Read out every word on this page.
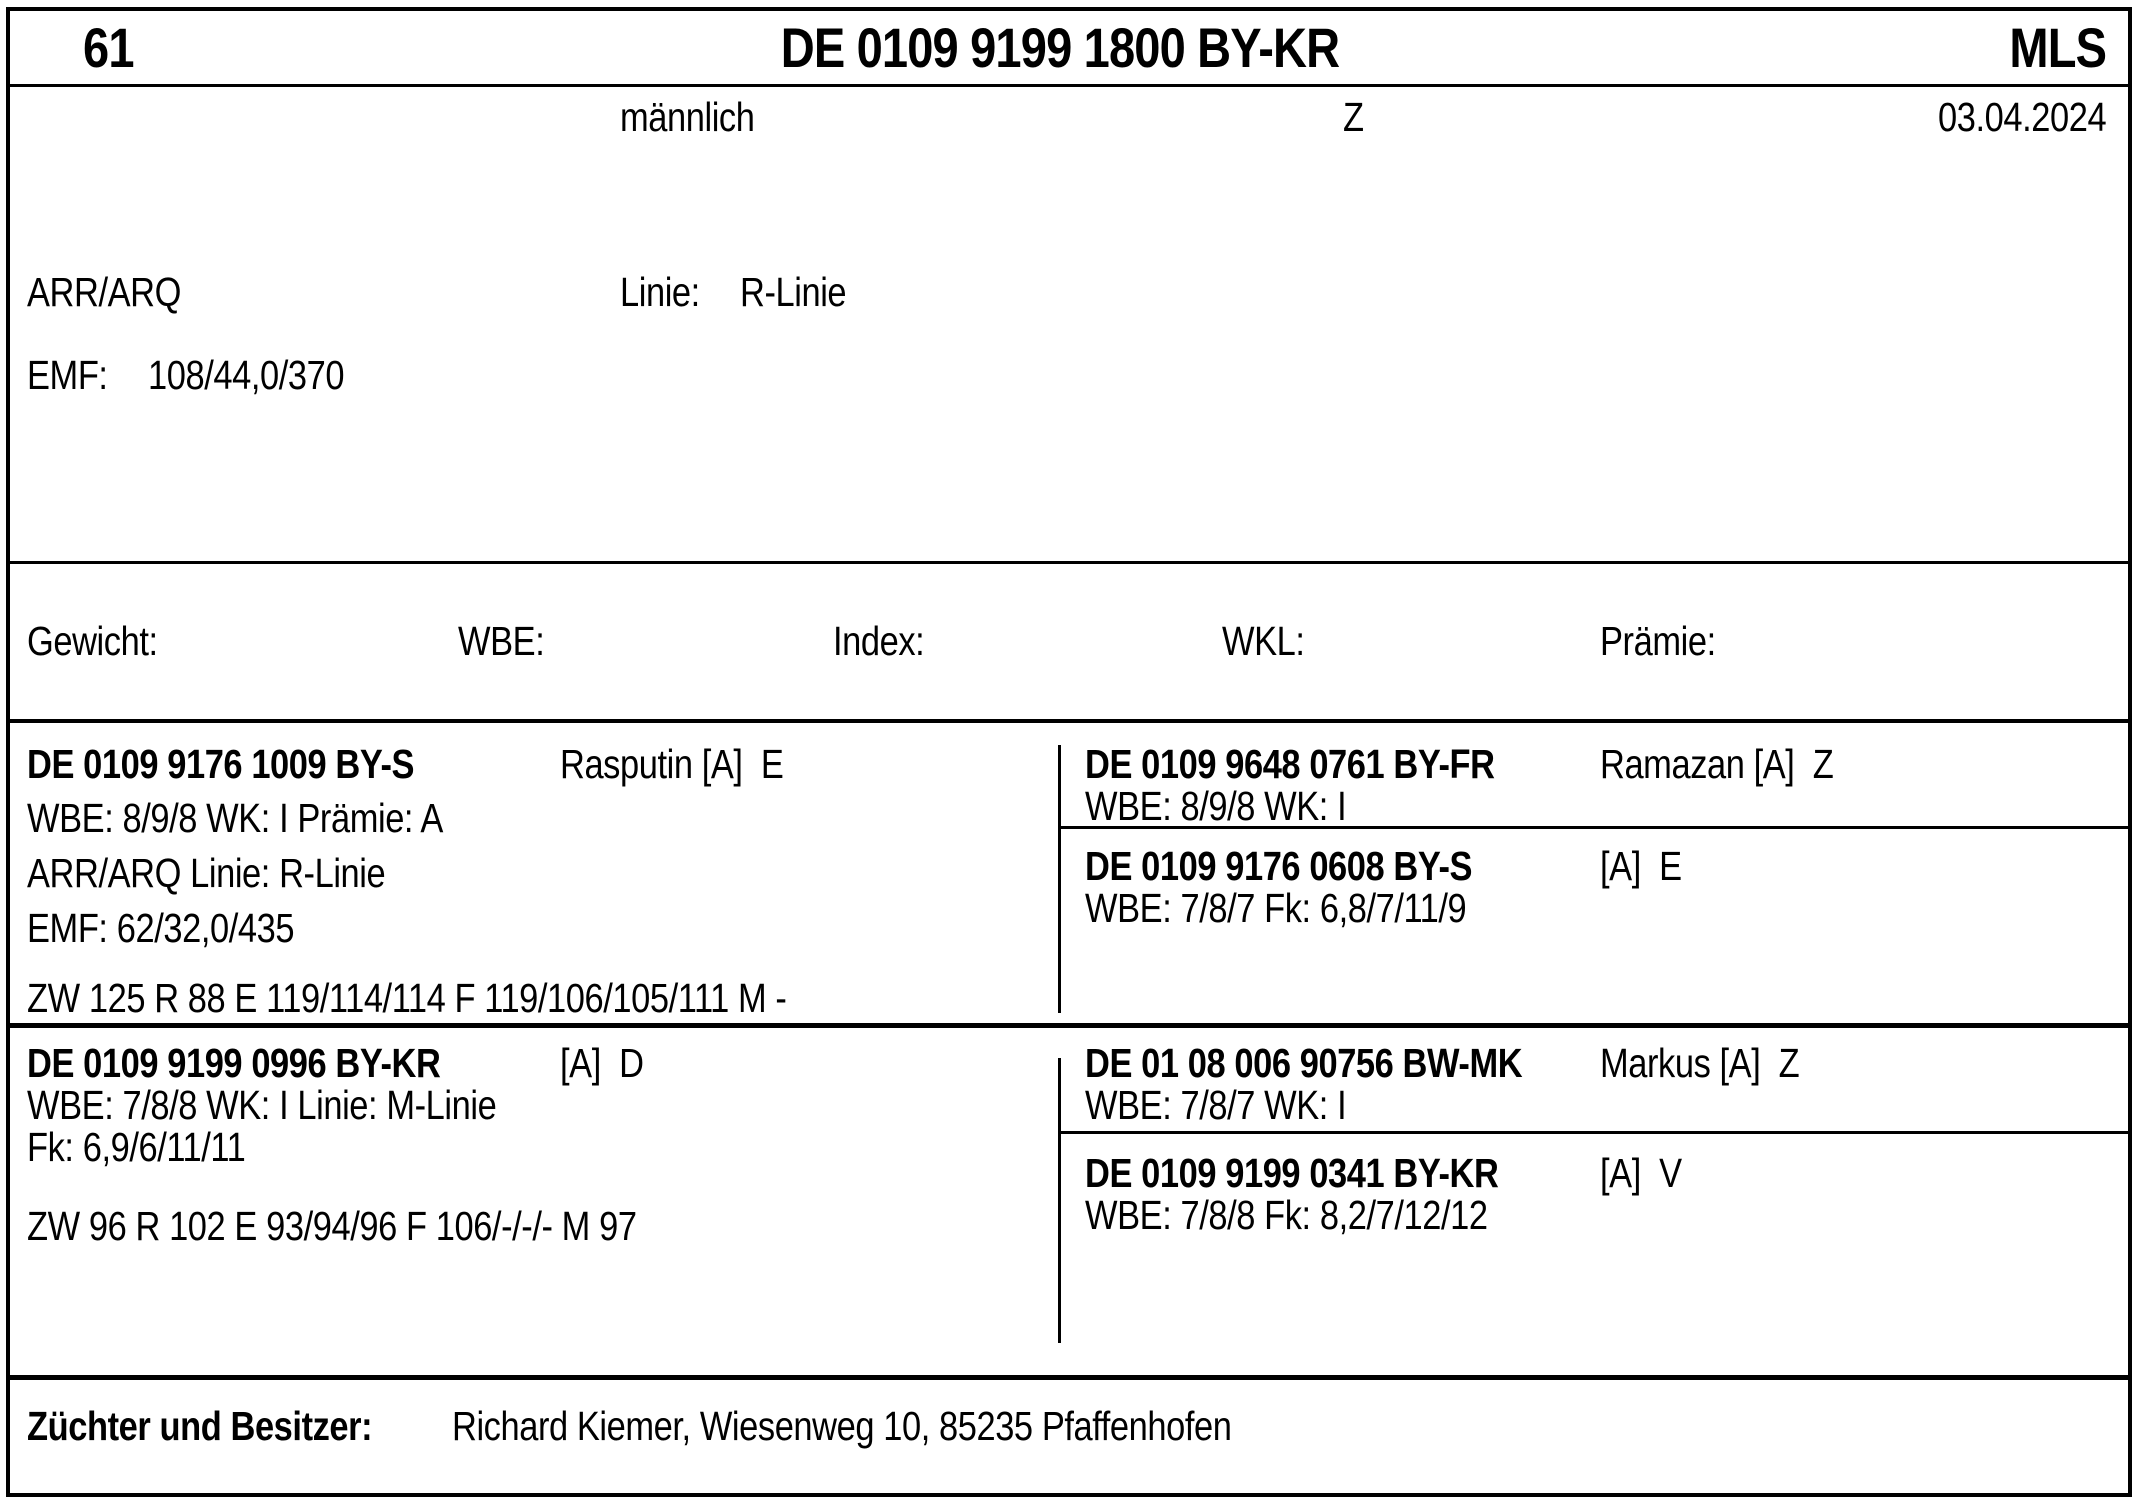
61	DE 0109 9199 1800 BY-KR	MLS
männlich	Z	03.04.2024
ARR/ARQ	Linie: R-Linie
EMF: 108/44,0/370
Gewicht:	WBE:	Index:	WKL:	Prämie:
DE 0109 9176 1009 BY-S	Rasputin [A]  E
WBE: 8/9/8 WK: I Prämie: A
ARR/ARQ Linie: R-Linie
EMF: 62/32,0/435
ZW 125 R 88 E 119/114/114 F 119/106/105/111 M -
DE 0109 9648 0761 BY-FR	Ramazan [A]  Z
WBE: 8/9/8 WK: I
DE 0109 9176 0608 BY-S	[A]  E
WBE: 7/8/7 Fk: 6,8/7/11/9
DE 0109 9199 0996 BY-KR	[A]  D
WBE: 7/8/8 WK: I Linie: M-Linie
Fk: 6,9/6/11/11
ZW 96 R 102 E 93/94/96 F 106/-/-/- M 97
DE 01 08 006 90756 BW-MK Markus [A]  Z
WBE: 7/8/7 WK: I
DE 0109 9199 0341 BY-KR [A]  V
WBE: 7/8/8 Fk: 8,2/7/12/12
Züchter und Besitzer: Richard Kiemer, Wiesenweg 10, 85235 Pfaffenhofen
